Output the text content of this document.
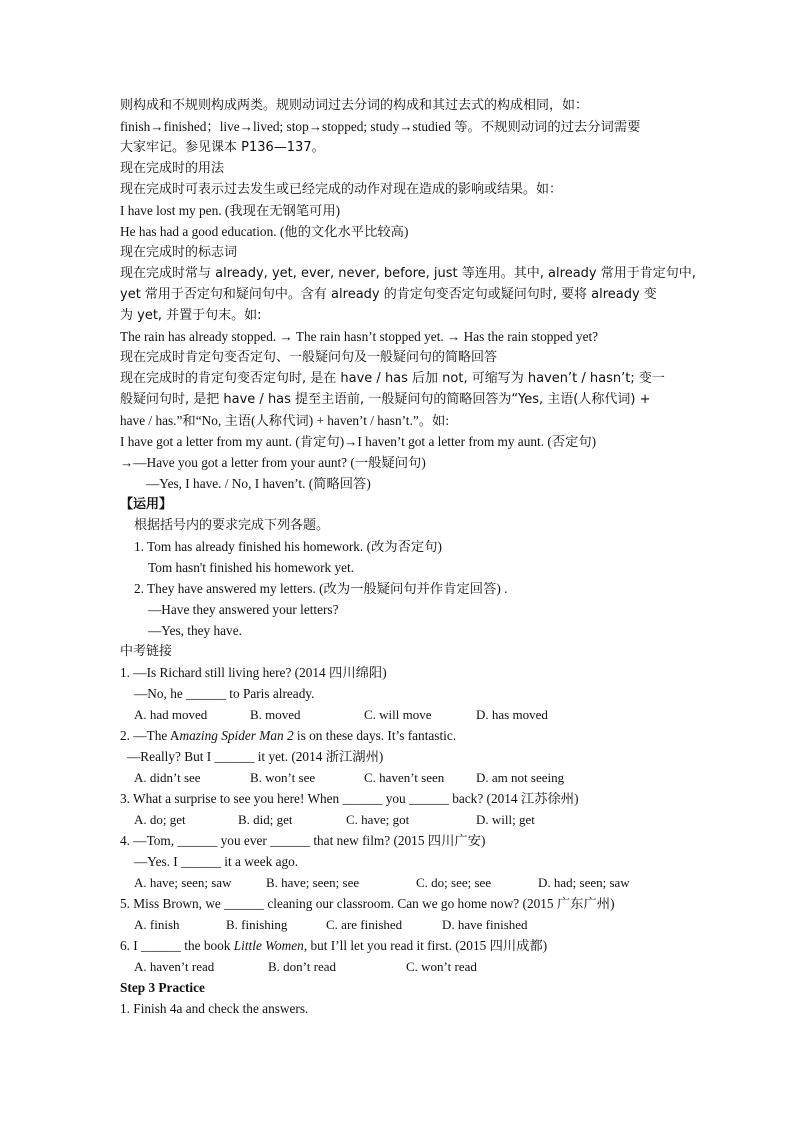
则构成和不规则构成两类。规则动词过去分词的构成和其过去式的构成相同，如：
finish→finished；live→lived; stop→stopped; study→studied 等。不规则动词的过去分词需要
大家牢记。参见课本 P136—137。
现在完成时的用法
现在完成时可表示过去发生或已经完成的动作对现在造成的影响或结果。如：
I have lost my pen. (我现在无钢笔可用)
He has had a good education. (他的文化水平比较高)
现在完成时的标志词
现在完成时常与 already, yet, ever, never, before, just 等连用。其中, already 常用于肯定句中,
yet 常用于否定句和疑问句中。含有 already 的肯定句变否定句或疑问句时, 要将 already 变
为 yet, 并置于句末。如:
The rain has already stopped. → The rain hasn’t stopped yet. → Has the rain stopped yet?
现在完成时肯定句变否定句、一般疑问句及一般疑问句的简略回答
现在完成时的肯定句变否定句时, 是在 have / has 后加 not, 可缩写为 haven’t / hasn’t; 变一
般疑问句时, 是把 have / has 提至主语前, 一般疑问句的简略回答为“Yes, 主语(人称代词) +
have / has.”和“No, 主语(人称代词) + haven’t / hasn’t.”。如:
I have got a letter from my aunt. (肯定句)→I haven’t got a letter from my aunt. (否定句)
→—Have you got a letter from your aunt? (一般疑问句)
—Yes, I have. / No, I haven’t. (简略回答)
【运用】
根据括号内的要求完成下列各题。
1. Tom has already finished his homework. (改为否定句)
Tom hasn't finished his homework yet.
2. They have answered my letters. (改为一般疑问句并作肯定回答) .
—Have they answered your letters?
—Yes, they have.
中考链接
1. —Is Richard still living here? (2014 四川绵阳)
—No, he ______ to Paris already.
A. had moved	B. moved	C. will move	D. has moved
2. —The Amazing Spider Man 2 is on these days. It’s fantastic.
—Really? But I ______ it yet. (2014 浙江湖州)
A. didn’t see	B. won’t see	C. haven’t seen D. am not seeing
3. What a surprise to see you here! When ______ you ______ back? (2014 江苏徐州)
A. do; get	B. did; get	C. have; got	D. will; get
4. —Tom, ______ you ever ______ that new film? (2015 四川广安)
—Yes. I ______ it a week ago.
A. have; seen; saw	B. have; seen; see	C. do; see; see	D. had; seen; saw
5. Miss Brown, we ______ cleaning our classroom. Can we go home now? (2015 广东广州)
A. finish	B. finishing	C. are finished	D. have finished
6. I ______ the book Little Women, but I’ll let you read it first. (2015 四川成都)
A. haven’t read	B. don’t read	C. won’t read
Step 3 Practice
1. Finish 4a and check the answers.
